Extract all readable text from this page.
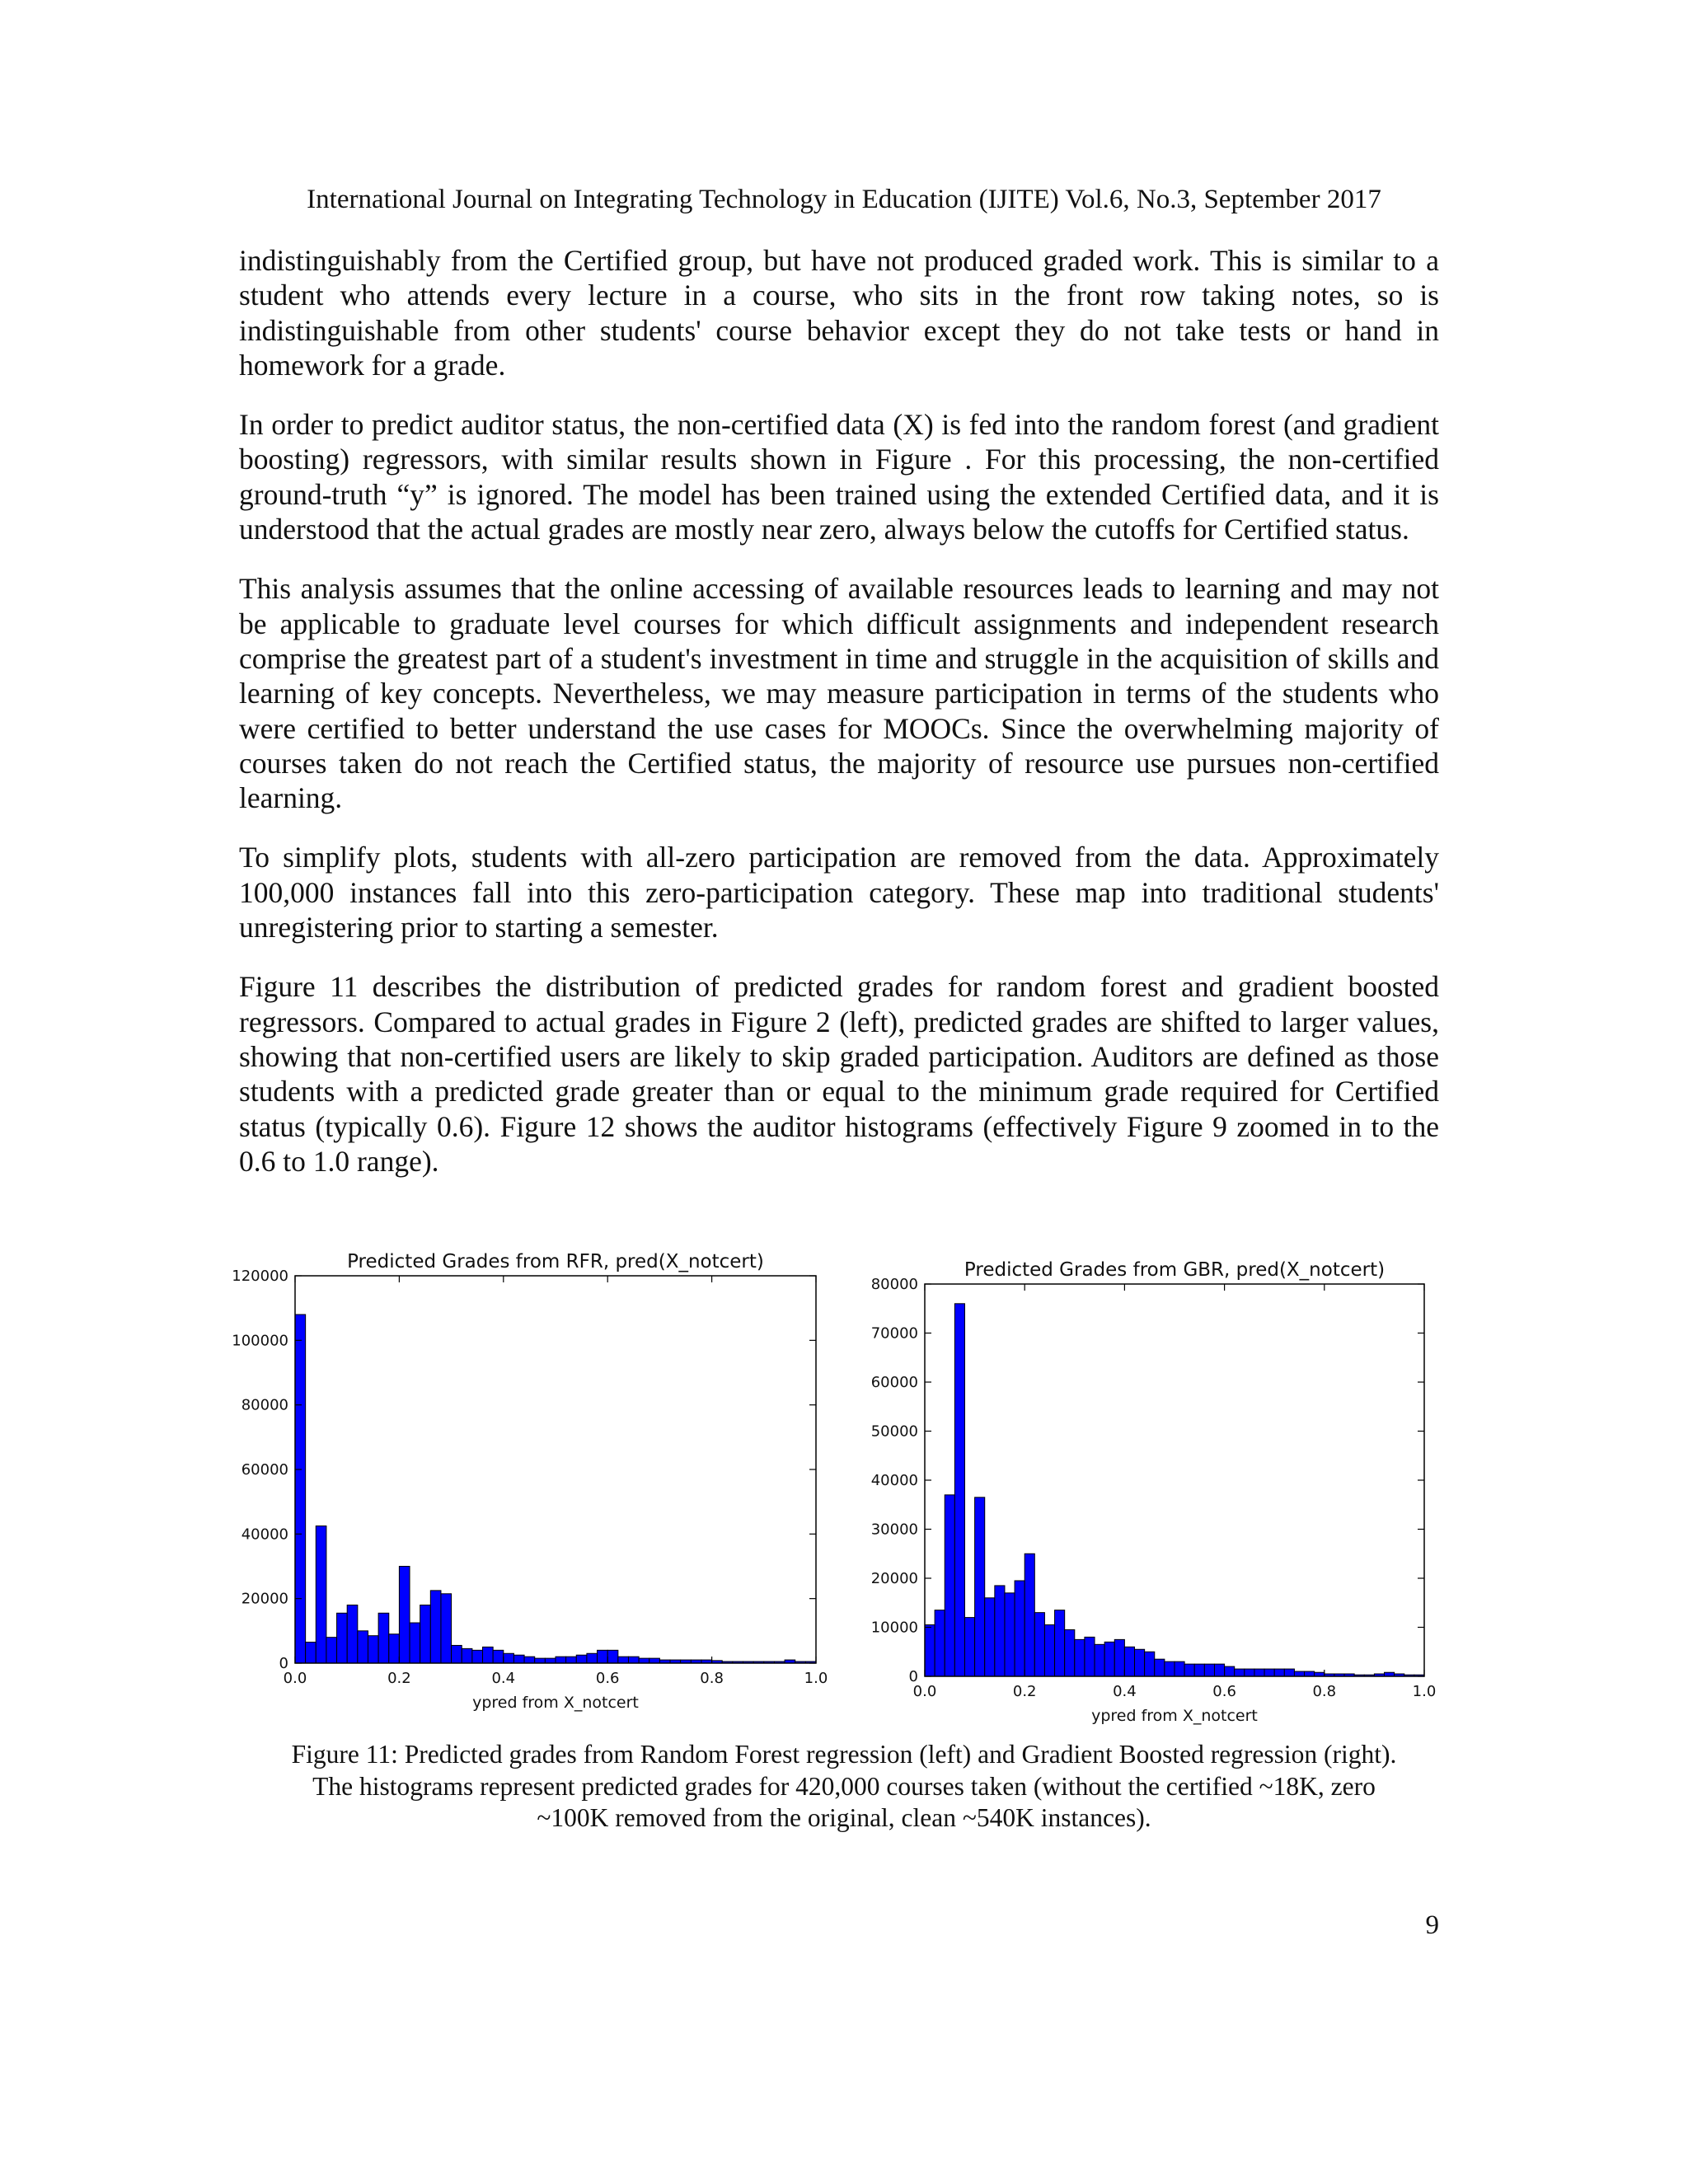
International Journal on Integrating Technology in Education (IJITE) Vol.6, No.3, September 2017

indistinguishably from the Certified group, but have not produced graded work. This is similar to a student who attends every lecture in a course, who sits in the front row taking notes, so is indistinguishable from other students' course behavior except they do not take tests or hand in homework for a grade.

In order to predict auditor status, the non-certified data (X) is fed into the random forest (and gradient boosting) regressors, with similar results shown in Figure . For this processing, the non-certified ground-truth “y” is ignored. The model has been trained using the extended Certified data, and it is understood that the actual grades are mostly near zero, always below the cutoffs for Certified status.

This analysis assumes that the online accessing of available resources leads to learning and may not be applicable to graduate level courses for which difficult assignments and independent research comprise the greatest part of a student's investment in time and struggle in the acquisition of skills and learning of key concepts. Nevertheless, we may measure participation in terms of the students who were certified to better understand the use cases for MOOCs. Since the overwhelming majority of courses taken do not reach the Certified status, the majority of resource use pursues non-certified learning.

To simplify plots, students with all-zero participation are removed from the data. Approximately 100,000 instances fall into this zero-participation category. These map into traditional students' unregistering prior to starting a semester.

Figure 11 describes the distribution of predicted grades for random forest and gradient boosted regressors. Compared to actual grades in Figure 2 (left), predicted grades are shifted to larger values, showing that non-certified users are likely to skip graded participation. Auditors are defined as those students with a predicted grade greater than or equal to the minimum grade required for Certified status (typically 0.6). Figure 12 shows the auditor histograms (effectively Figure 9 zoomed in to the 0.6 to 1.0 range).

Predicted Grades from RFR, pred(X_notcert)
0.0	0.2	0.4	0.6	0.8	1.0
0
20000
40000
60000
80000
100000
120000
ypred from X_notcert
Predicted Grades from GBR, pred(X_notcert)
0.0	0.2	0.4	0.6	0.8	1.0
0
10000
20000
30000
40000
50000
60000
70000
80000
ypred from X_notcert
Figure 11: Predicted grades from Random Forest regression (left) and Gradient Boosted regression (right).
The histograms represent predicted grades for 420,000 courses taken (without the certified ~18K, zero
~100K removed from the original, clean ~540K instances).
9
